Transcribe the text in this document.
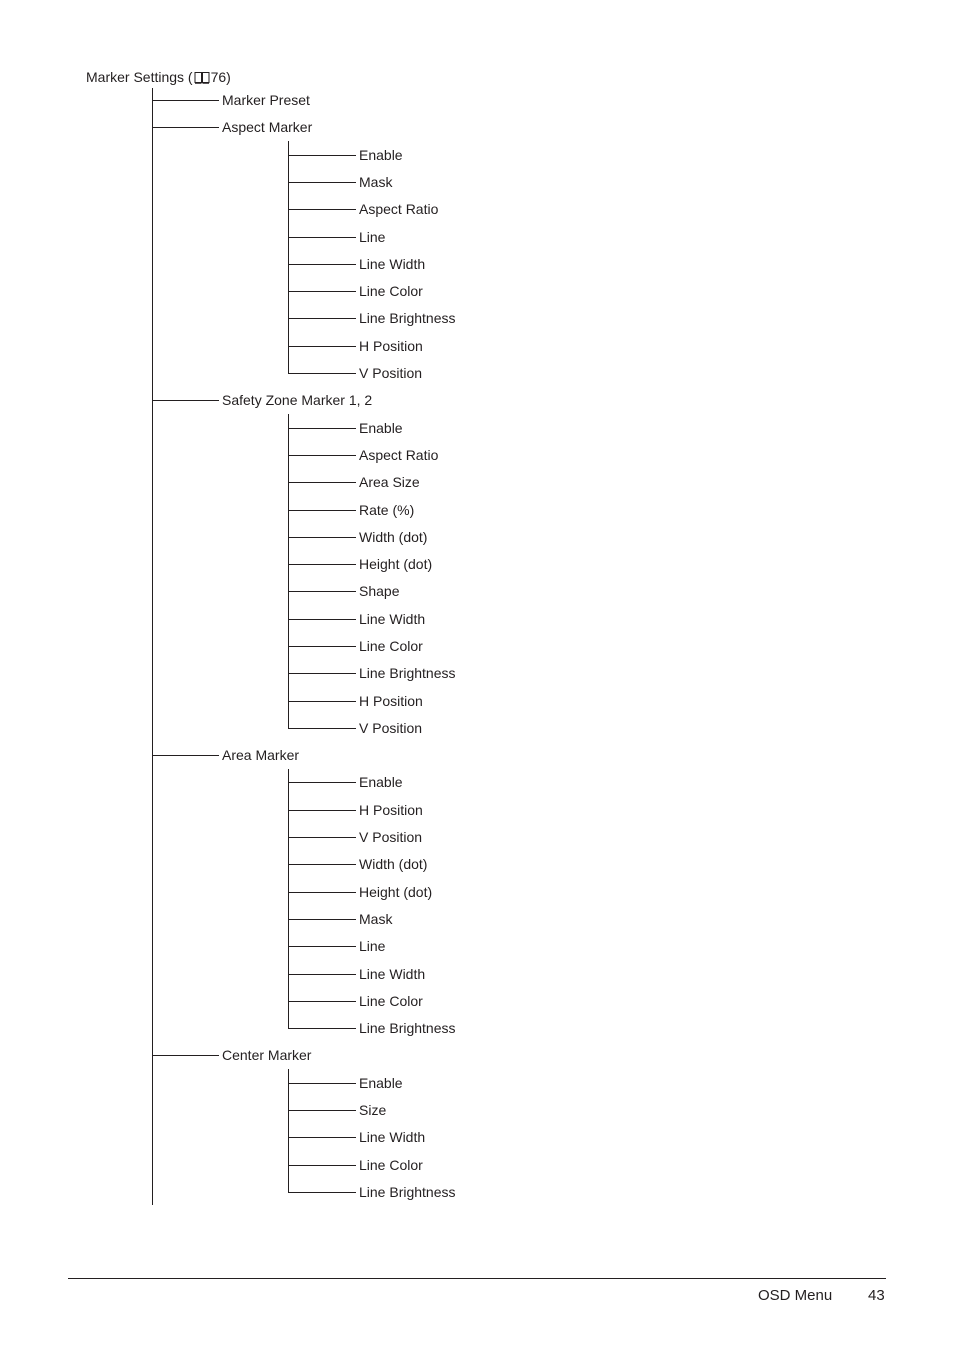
Marker Settings ( 76)
Marker Preset
Aspect Marker
Enable
Mask
Aspect Ratio
Line
Line Width
Line Color
Line Brightness
H Position
V Position
Safety Zone Marker 1, 2
Enable
Aspect Ratio
Area Size
Rate (%)
Width (dot)
Height (dot)
Shape
Line Width
Line Color
Line Brightness
H Position
V Position
Area Marker
Enable
H Position
V Position
Width (dot)
Height (dot)
Mask
Line
Line Width
Line Color
Line Brightness
Center Marker
Enable
Size
Line Width
Line Color
Line Brightness
OSD Menu 43
